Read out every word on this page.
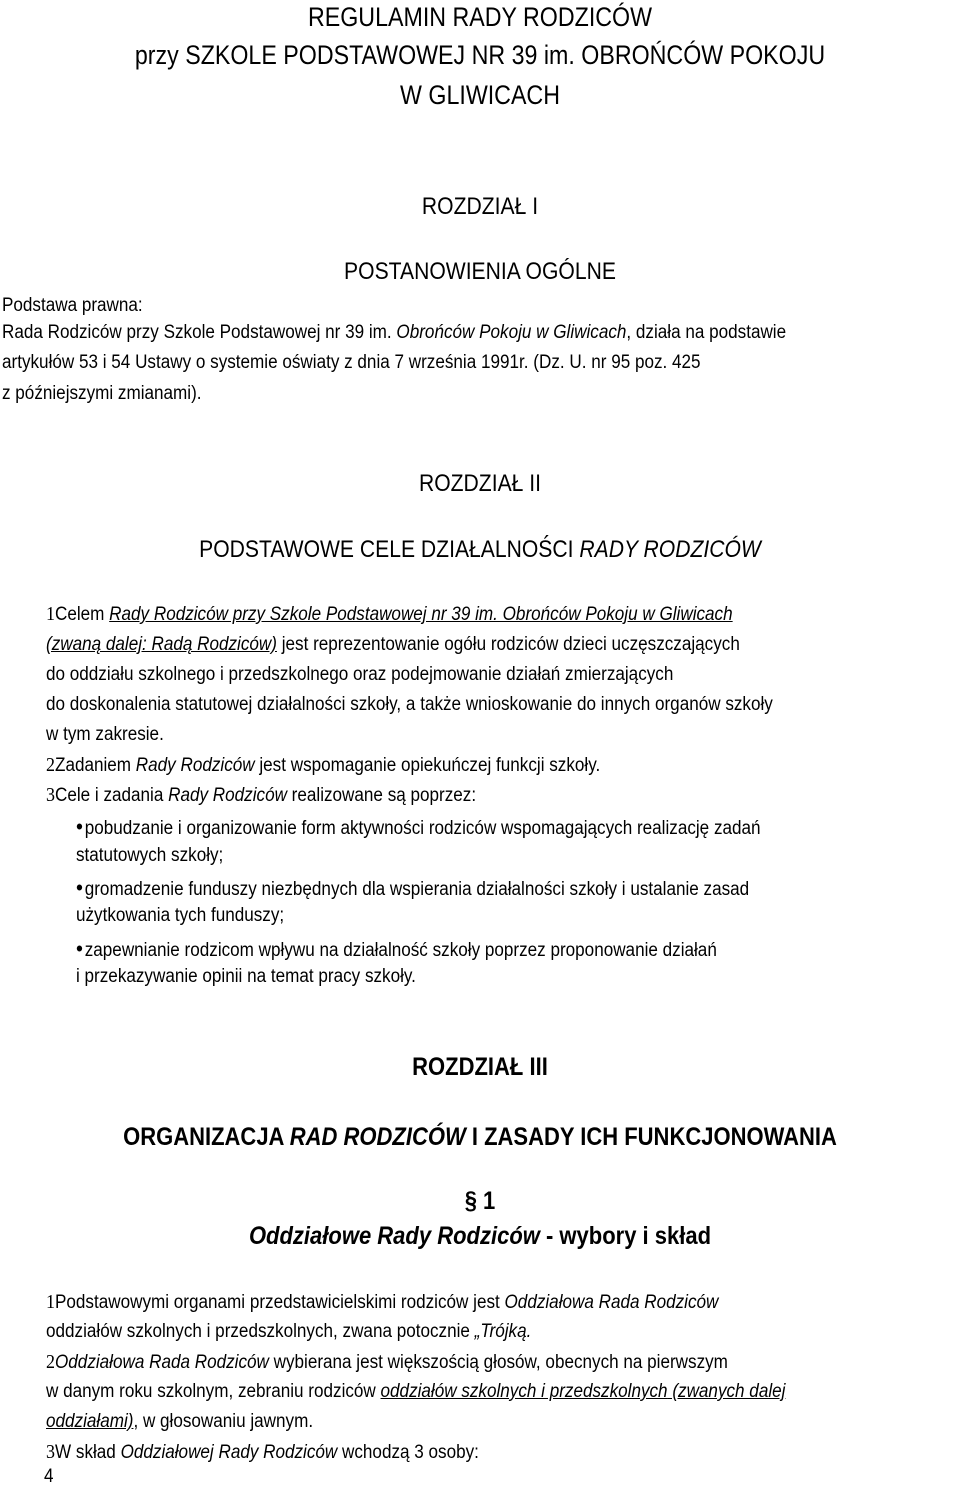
REGULAMIN RADY RODZICÓW
przy SZKOLE PODSTAWOWEJ NR 39 im. OBROŃCÓW POKOJU
W GLIWICACH
ROZDZIAŁ I
POSTANOWIENIA OGÓLNE
Podstawa prawna:
Rada Rodziców przy Szkole Podstawowej nr 39 im. Obrońców Pokoju w Gliwicach, działa na podstawie
artykułów 53 i 54 Ustawy o systemie oświaty z dnia 7 września 1991r. (Dz. U. nr 95 poz. 425
z późniejszymi zmianami).
ROZDZIAŁ II
PODSTAWOWE CELE DZIAŁALNOŚCI RADY RODZICÓW
1Celem Rady Rodziców przy Szkole Podstawowej nr 39 im. Obrońców Pokoju w Gliwicach
(zwaną dalej: Radą Rodziców) jest reprezentowanie ogółu rodziców dzieci uczęszczających
do oddziału szkolnego i przedszkolnego oraz podejmowanie działań zmierzających
do doskonalenia statutowej działalności szkoły, a także wnioskowanie do innych organów szkoły
w tym zakresie.
2Zadaniem Rady Rodziców jest wspomaganie opiekuńczej funkcji szkoły.
3Cele i zadania Rady Rodziców realizowane są poprzez:
•pobudzanie i organizowanie form aktywności rodziców wspomagających realizację zadań
statutowych szkoły;
•gromadzenie funduszy niezbędnych dla wspierania działalności szkoły i ustalanie zasad
użytkowania tych funduszy;
•zapewnianie rodzicom wpływu na działalność szkoły poprzez proponowanie działań
i przekazywanie opinii na temat pracy szkoły.
ROZDZIAŁ III
ORGANIZACJA RAD RODZICÓW I ZASADY ICH FUNKCJONOWANIA
§ 1
Oddziałowe Rady Rodziców - wybory i skład
1Podstawowymi organami przedstawicielskimi rodziców jest Oddziałowa Rada Rodziców
oddziałów szkolnych i przedszkolnych, zwana potocznie „Trójką.
2Oddziałowa Rada Rodziców wybierana jest większością głosów, obecnych na pierwszym
w danym roku szkolnym, zebraniu rodziców oddziałów szkolnych i przedszkolnych (zwanych dalej
oddziałami), w głosowaniu jawnym.
3W skład Oddziałowej Rady Rodziców wchodzą 3 osoby:
4
